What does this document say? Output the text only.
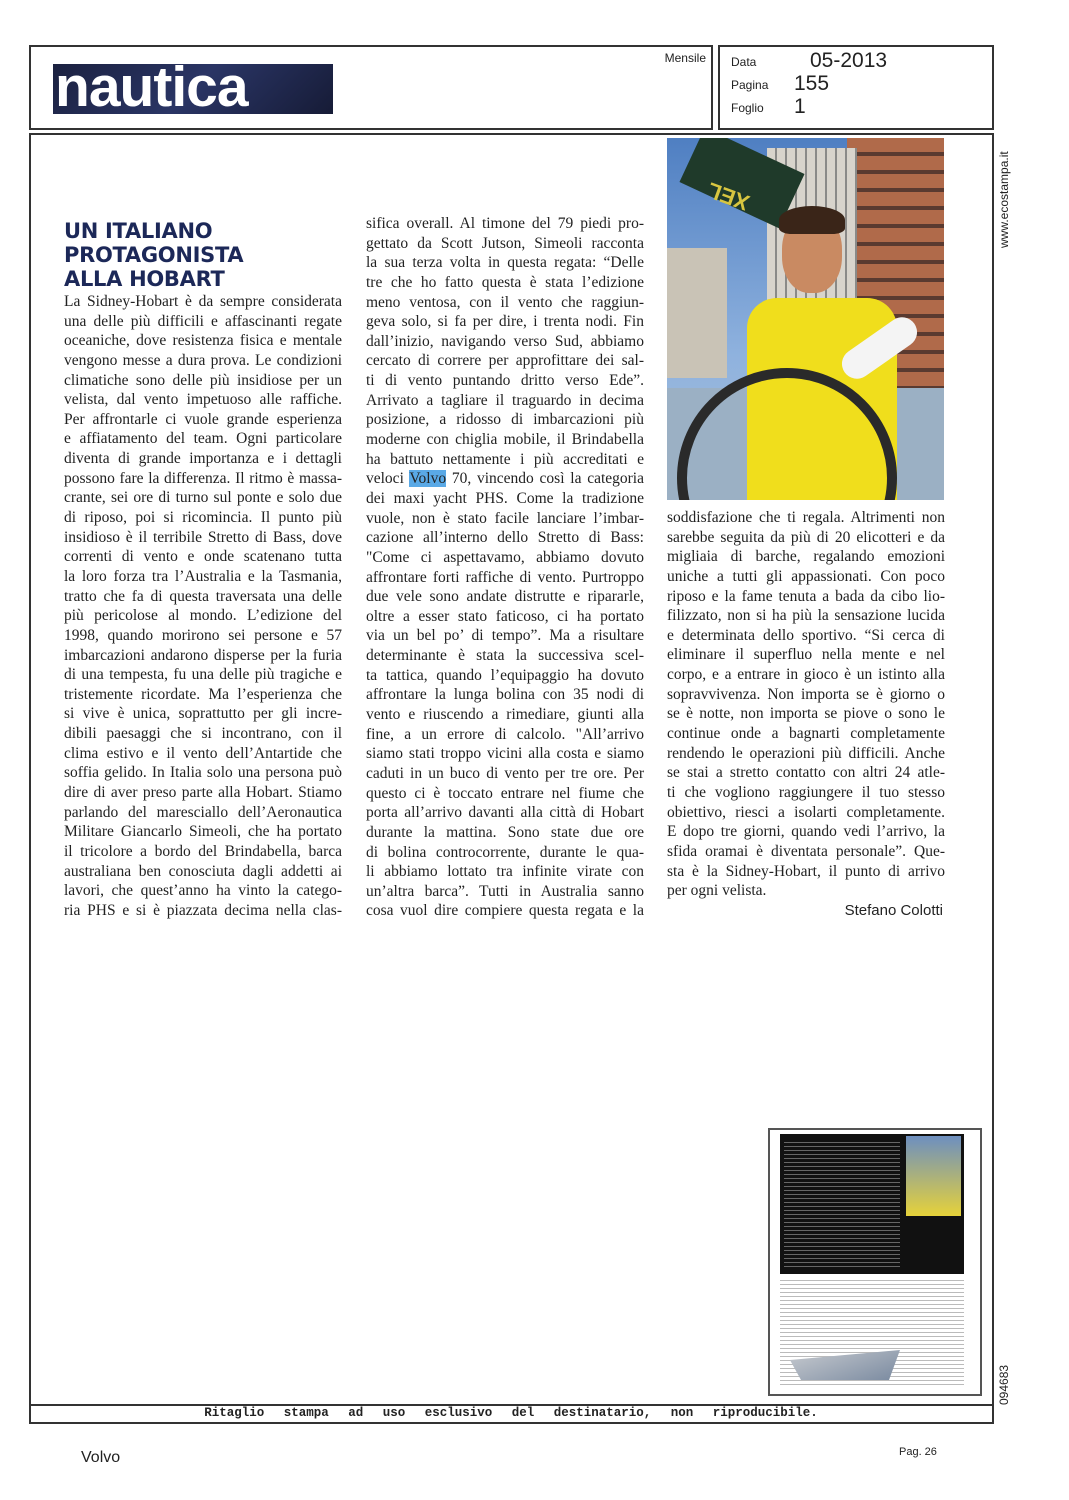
nautica	Mensile Data	05-2013
Pagina 155
Foglio 1
UN ITALIANO
PROTAGONISTA
ALLA HOBART
La Sidney-Hobart è da sempre considerata
una delle più difficili e affascinanti regate
oceaniche, dove resistenza fisica e mentale
vengono messe a dura prova. Le condizioni
climatiche sono delle più insidiose per un
velista, dal vento impetuoso alle raffiche.
Per affrontarle ci vuole grande esperienza
e affiatamento del team. Ogni particolare
diventa di grande importanza e i dettagli
possono fare la differenza. Il ritmo è massa-
crante, sei ore di turno sul ponte e solo due
di riposo, poi si ricomincia. Il punto più
insidioso è il terribile Stretto di Bass, dove
correnti di vento e onde scatenano tutta
la loro forza tra l’Australia e la Tasmania,
tratto che fa di questa traversata una delle
più pericolose al mondo. L’edizione del
1998, quando morirono sei persone e 57
imbarcazioni andarono disperse per la furia
di una tempesta, fu una delle più tragiche e
tristemente ricordate. Ma l’esperienza che
si vive è unica, soprattutto per gli incre-
dibili paesaggi che si incontrano, con il
clima estivo e il vento dell’Antartide che
soffia gelido. In Italia solo una persona può
dire di aver preso parte alla Hobart. Stiamo
parlando del maresciallo dell’Aeronautica
Militare Giancarlo Simeoli, che ha portato
il tricolore a bordo del Brindabella, barca
australiana ben conosciuta dagli addetti ai
lavori, che quest’anno ha vinto la catego-
ria PHS e si è piazzata decima nella clas-
sifica overall. Al timone del 79 piedi pro-
gettato da Scott Jutson, Simeoli racconta
la sua terza volta in questa regata: “Delle
tre che ho fatto questa è stata l’edizione
meno ventosa, con il vento che raggiun-
geva solo, si fa per dire, i trenta nodi. Fin
dall’inizio, navigando verso Sud, abbiamo
cercato di correre per approfittare dei sal-
ti di vento puntando dritto verso Ede”.
Arrivato a tagliare il traguardo in decima
posizione, a ridosso di imbarcazioni più
moderne con chiglia mobile, il Brindabella
ha battuto nettamente i più accreditati e
veloci Volvo 70, vincendo così la categoria
dei maxi yacht PHS. Come la tradizione
vuole, non è stato facile lanciare l’imbar-
cazione all’interno dello Stretto di Bass:
"Come ci aspettavamo, abbiamo dovuto
affrontare forti raffiche di vento. Purtroppo
due vele sono andate distrutte e ripararle,
oltre a esser stato faticoso, ci ha portato
via un bel po’ di tempo”. Ma a risultare
determinante è stata la successiva scel-
ta tattica, quando l’equipaggio ha dovuto
affrontare la lunga bolina con 35 nodi di
vento e riuscendo a rimediare, giunti alla
fine, a un errore di calcolo. "All’arrivo
siamo stati troppo vicini alla costa e siamo
caduti in un buco di vento per tre ore. Per
questo ci è toccato entrare nel fiume che
porta all’arrivo davanti alla città di Hobart
durante la mattina. Sono state due ore
di bolina controcorrente, durante le qua-
li abbiamo lottato tra infinite virate con
un’altra barca”. Tutti in Australia sanno
cosa vuol dire compiere questa regata e la
soddisfazione che ti regala. Altrimenti non
sarebbe seguita da più di 20 elicotteri e da
migliaia di barche, regalando emozioni
uniche a tutti gli appassionati. Con poco
riposo e la fame tenuta a bada da cibo lio-
filizzato, non si ha più la sensazione lucida
e determinata dello sportivo. “Si cerca di
eliminare il superfluo nella mente e nel
corpo, e a entrare in gioco è un istinto alla
sopravvivenza. Non importa se è giorno o
se è notte, non importa se piove o sono le
continue onde a bagnarti completamente
rendendo le operazioni più difficili. Anche
se stai a stretto contatto con altri 24 atle-
ti che vogliono raggiungere il tuo stesso
obiettivo, riesci a isolarti completamente.
E dopo tre giorni, quando vedi l’arrivo, la
sfida oramai è diventata personale”. Que-
sta è la Sidney-Hobart, il punto di arrivo
per ogni velista.
Stefano Colotti
XEL	www.ecostampa.it
094683
Ritaglio stampa ad uso esclusivo del destinatario, non riproducibile.
Volvo	Pag. 26
